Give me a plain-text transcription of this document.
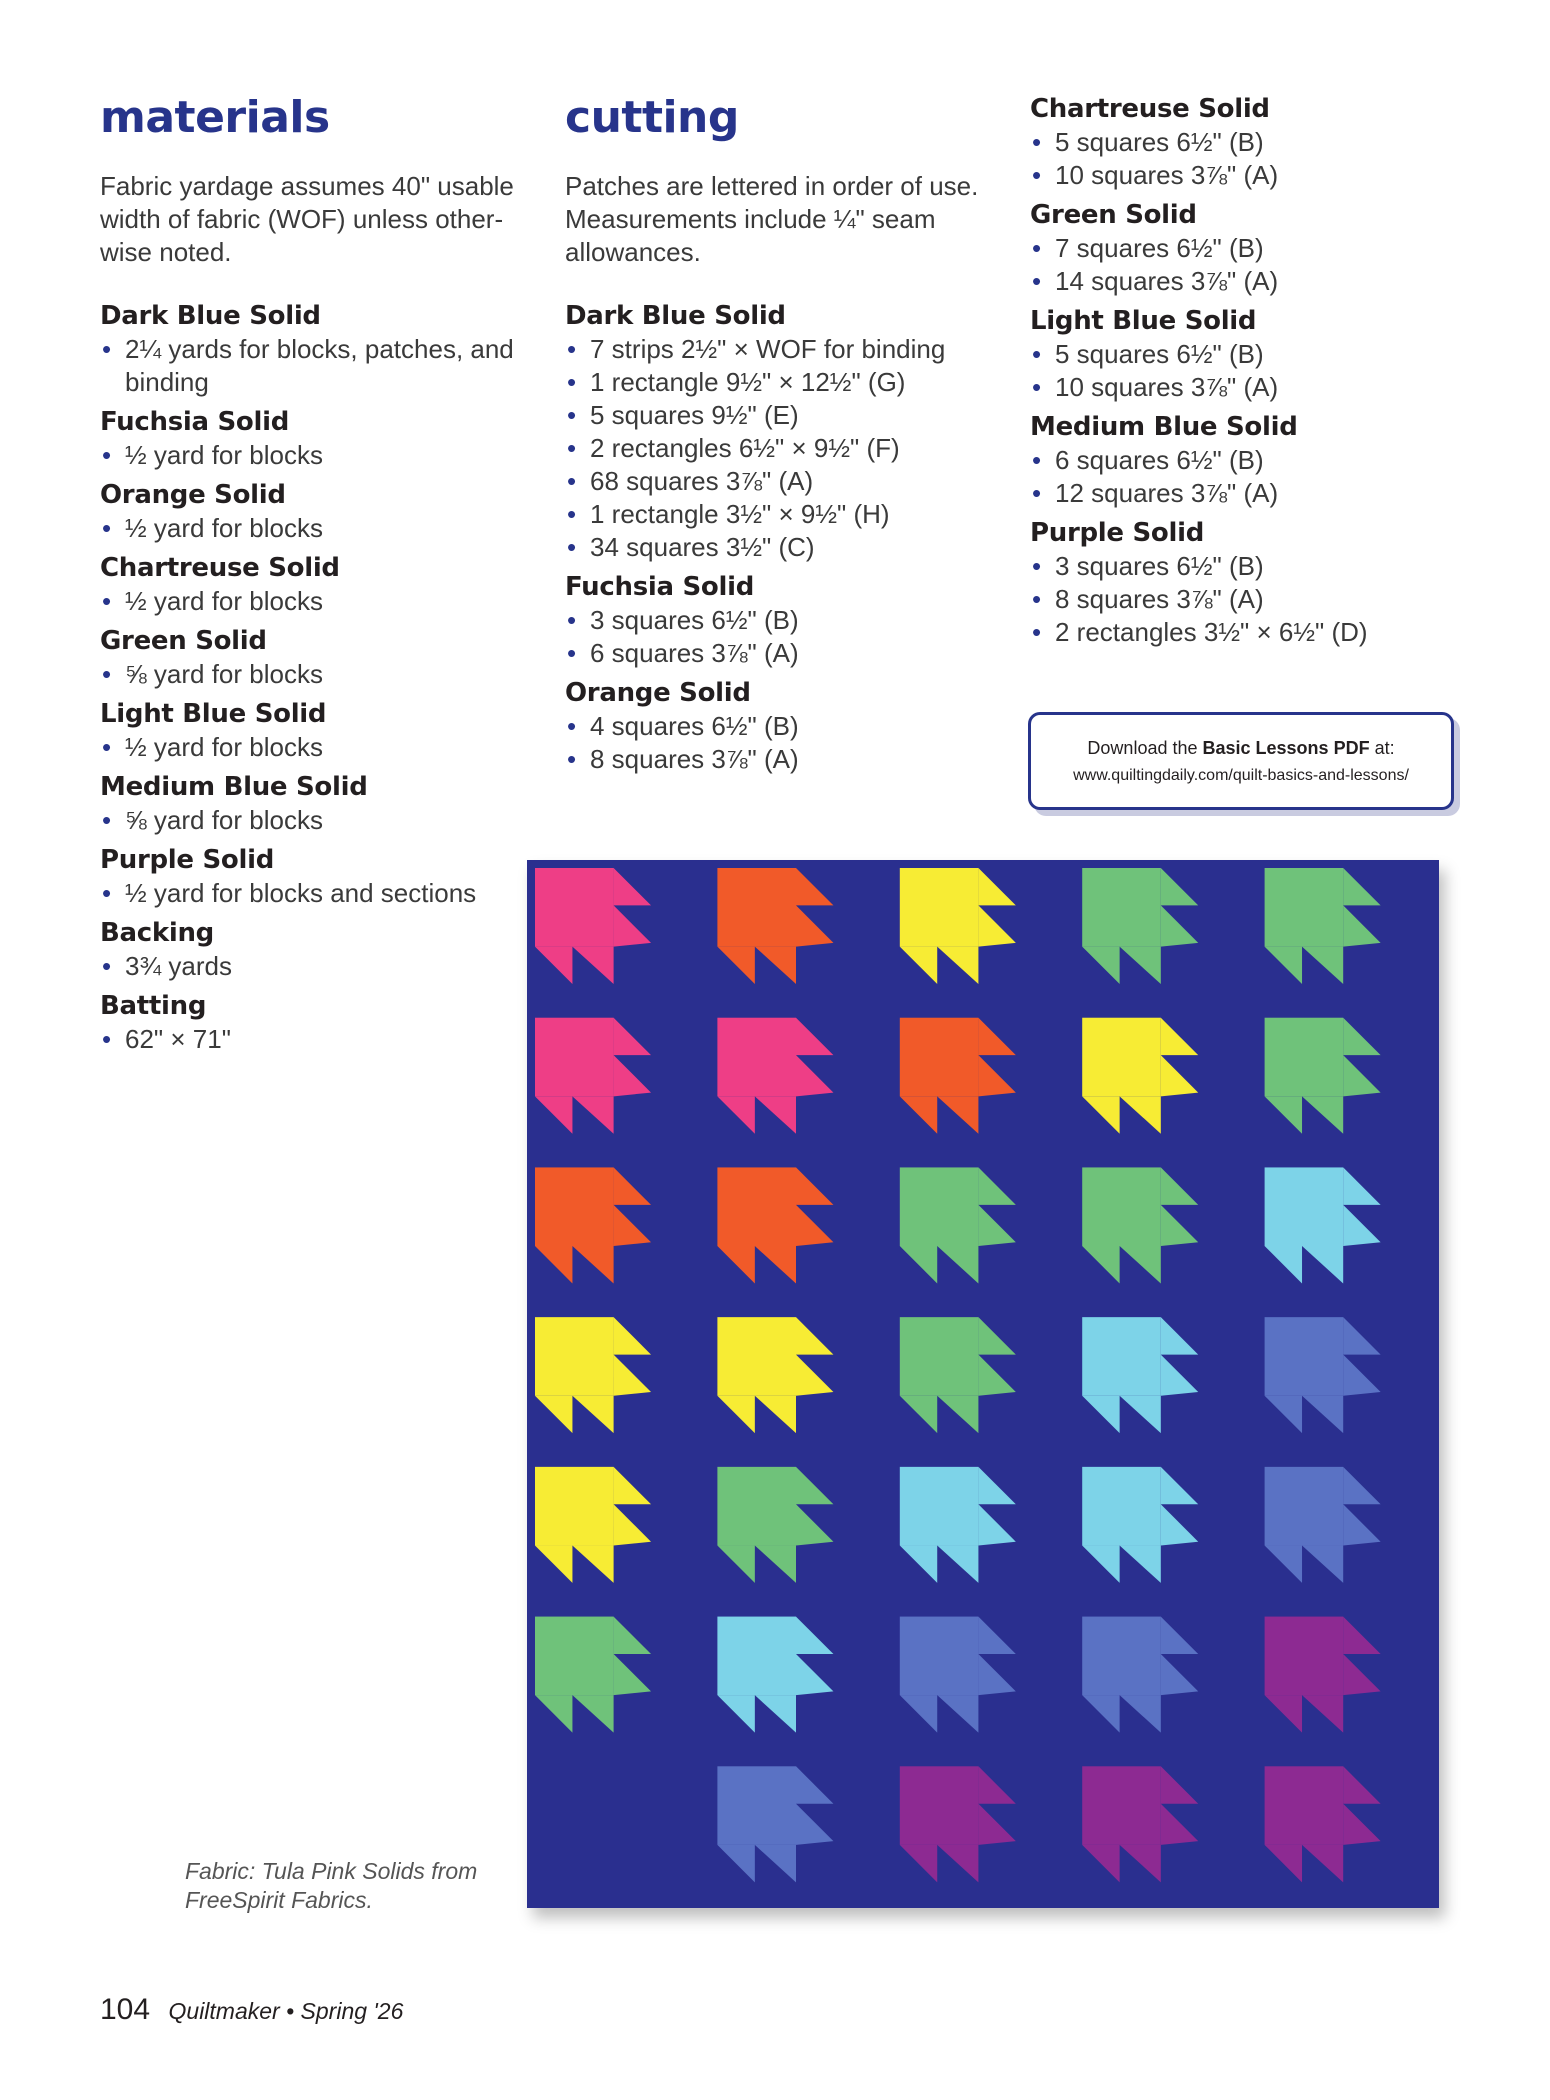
materials
Fabric yardage assumes 40" usable width of fabric (WOF) unless other-wise noted.
Dark Blue Solid
• 2¼ yards for blocks, patches, and binding
Fuchsia Solid
• ½ yard for blocks
Orange Solid
• ½ yard for blocks
Chartreuse Solid
• ½ yard for blocks
Green Solid
• ⅝ yard for blocks
Light Blue Solid
• ½ yard for blocks
Medium Blue Solid
• ⅝ yard for blocks
Purple Solid
• ½ yard for blocks and sections
Backing
• 3¾ yards
Batting
• 62" × 71"
cutting
Patches are lettered in order of use. Measurements include ¼" seam allowances.
Dark Blue Solid
• 7 strips 2½" × WOF for binding
• 1 rectangle 9½" × 12½" (G)
• 5 squares 9½" (E)
• 2 rectangles 6½" × 9½" (F)
• 68 squares 3⅞" (A)
• 1 rectangle 3½" × 9½" (H)
• 34 squares 3½" (C)
Fuchsia Solid
• 3 squares 6½" (B)
• 6 squares 3⅞" (A)
Orange Solid
• 4 squares 6½" (B)
• 8 squares 3⅞" (A)
Chartreuse Solid
• 5 squares 6½" (B)
• 10 squares 3⅞" (A)
Green Solid
• 7 squares 6½" (B)
• 14 squares 3⅞" (A)
Light Blue Solid
• 5 squares 6½" (B)
• 10 squares 3⅞" (A)
Medium Blue Solid
• 6 squares 6½" (B)
• 12 squares 3⅞" (A)
Purple Solid
• 3 squares 6½" (B)
• 8 squares 3⅞" (A)
• 2 rectangles 3½" × 6½" (D)
Download the Basic Lessons PDF at:
www.quiltingdaily.com/quilt-basics-and-lessons/
Fabric: Tula Pink Solids from FreeSpirit Fabrics.
104 Quiltmaker • Spring '26
